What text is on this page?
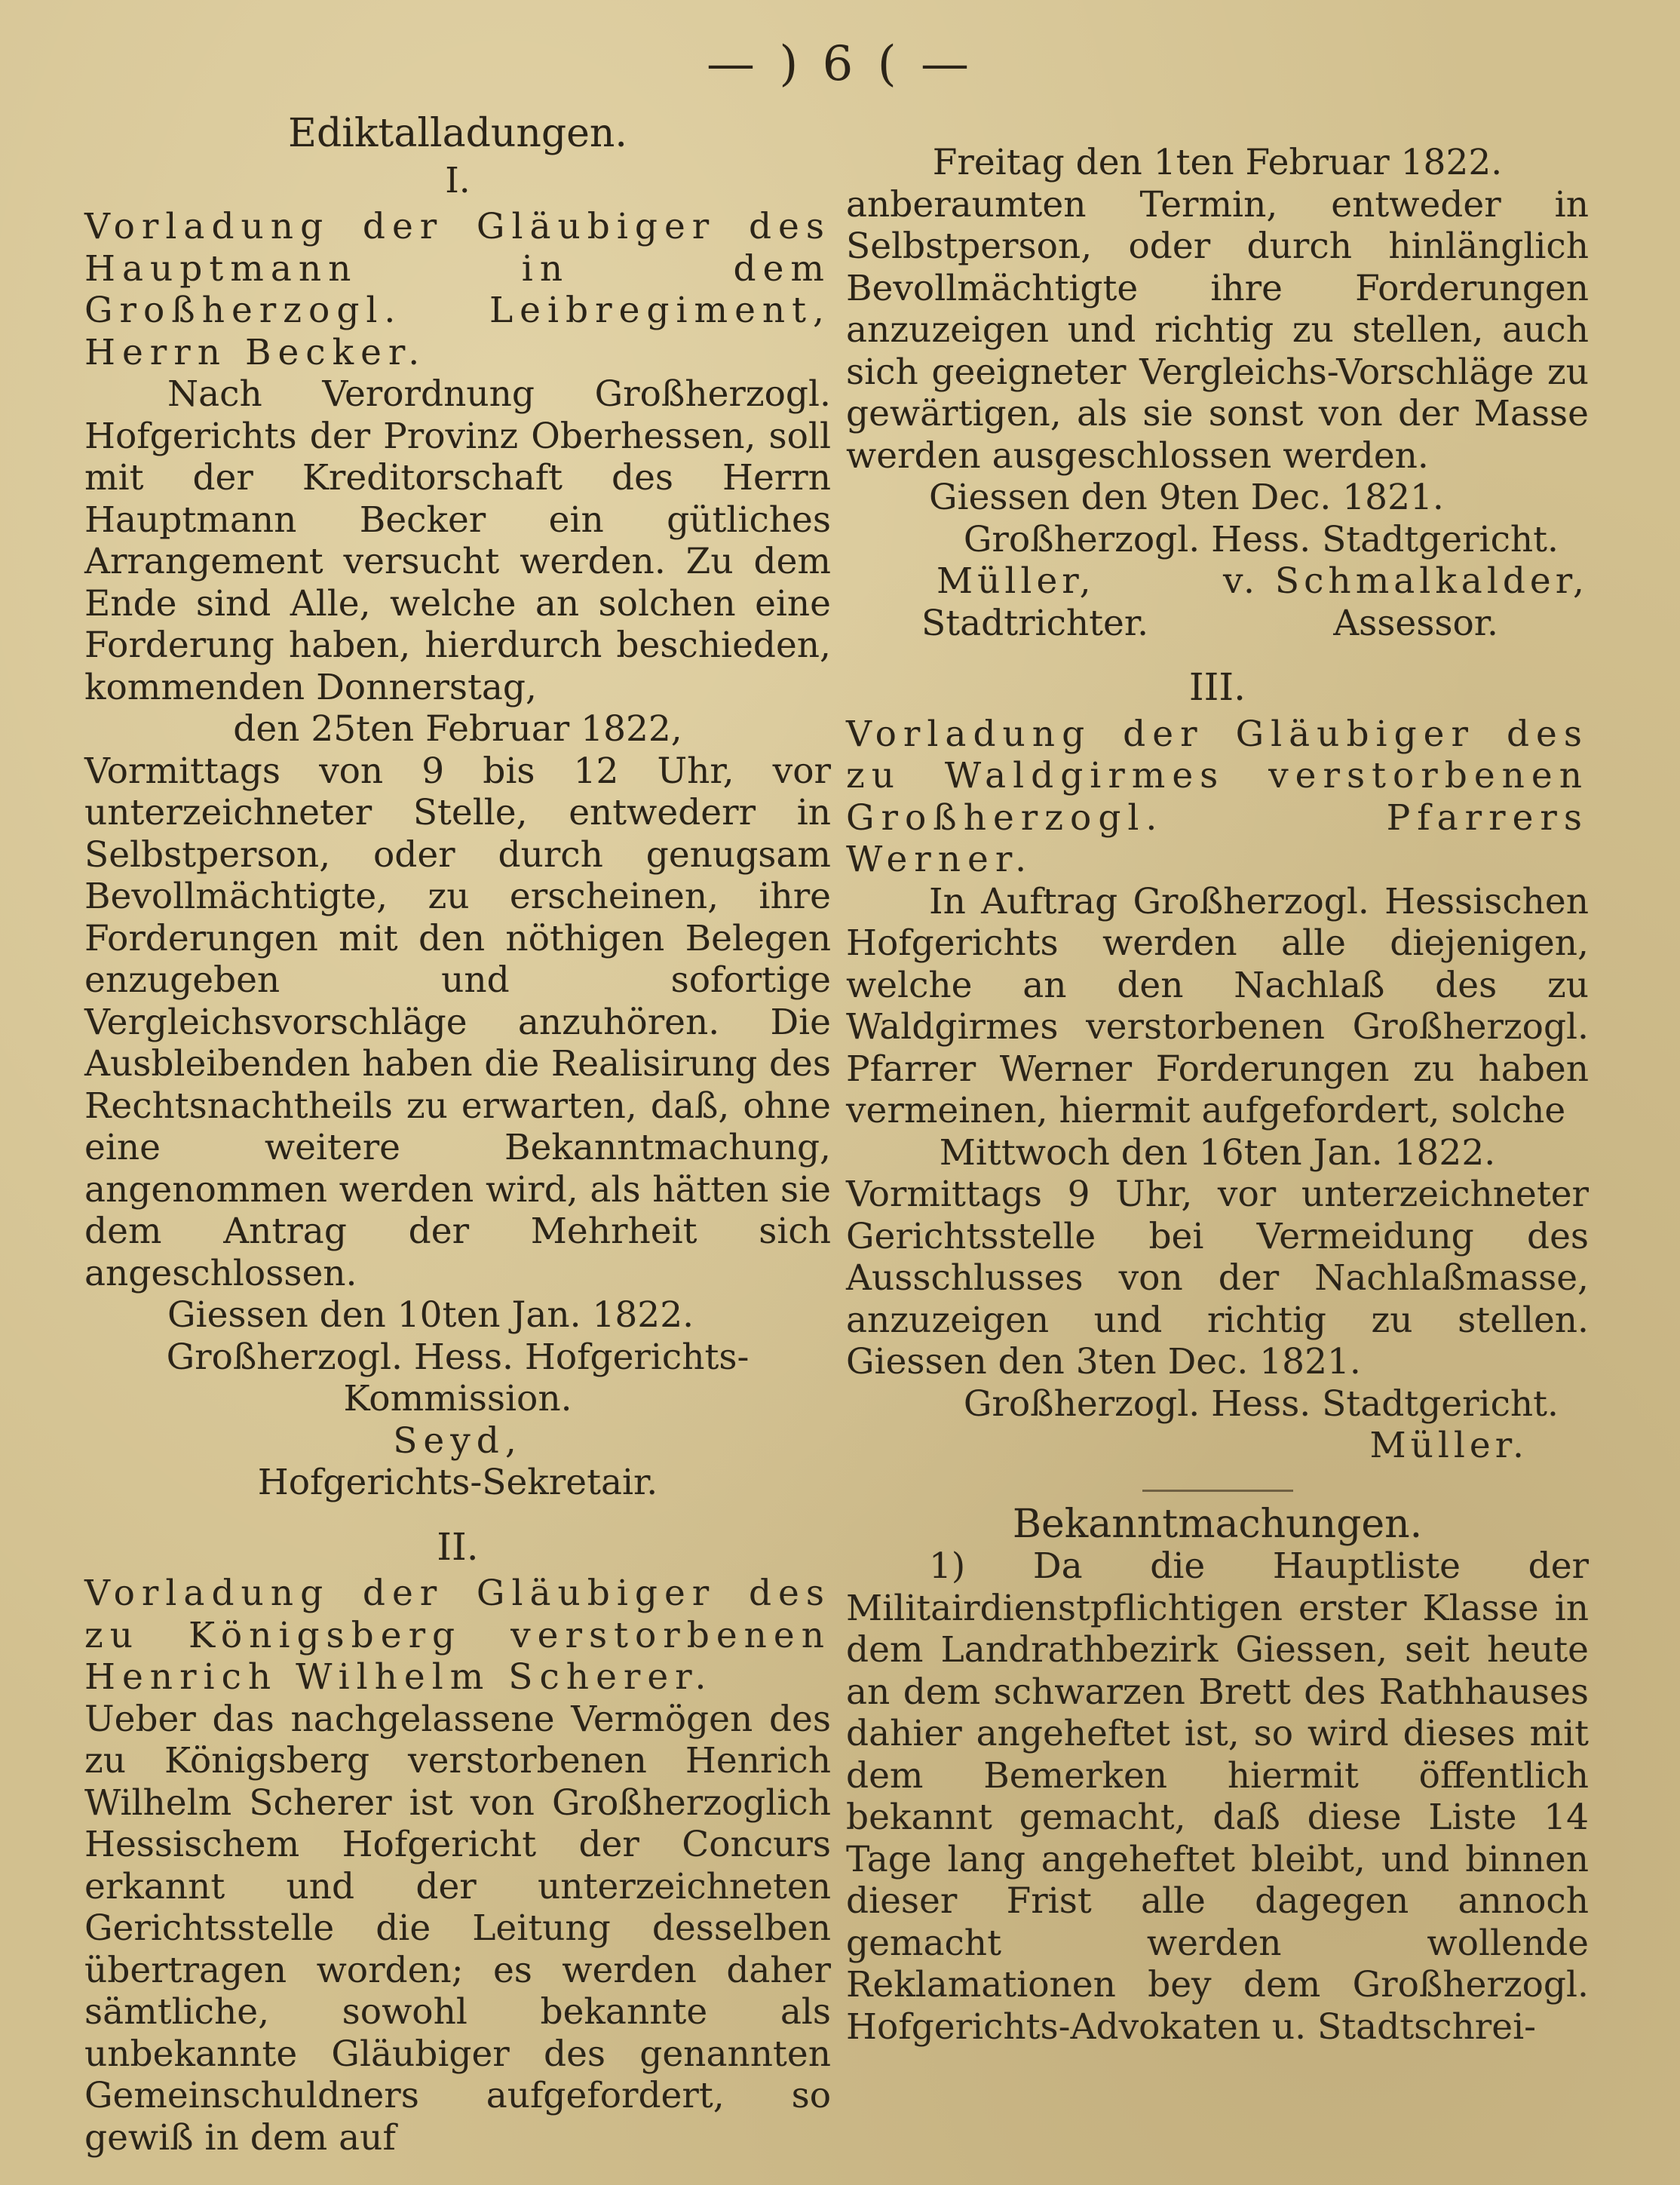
— ) 6 ( —

Ediktalladungen.

I.

Vorladung der Gläubiger des Hauptmann in dem Großherzogl. Leibregiment, Herrn Becker.

Nach Verordnung Großherzogl. Hofgerichts der Provinz Oberhessen, soll mit der Kreditorschaft des Herrn Hauptmann Becker ein gütliches Arrangement versucht werden. Zu dem Ende sind Alle, welche an solchen eine Forderung haben, hierdurch beschieden, kommenden Donnerstag,

den 25ten Februar 1822,

Vormittags von 9 bis 12 Uhr, vor unterzeichneter Stelle, entwederr in Selbstperson, oder durch genugsam Bevollmächtigte, zu erscheinen, ihre Forderungen mit den nöthigen Belegen enzugeben und sofortige Vergleichsvorschläge anzuhören. Die Ausbleibenden haben die Realisirung des Rechtsnachtheils zu erwarten, daß, ohne eine weitere Bekanntmachung, angenommen werden wird, als hätten sie dem Antrag der Mehrheit sich angeschlossen.

Giessen den 10ten Jan. 1822.

Großherzogl. Hess. Hofgerichts-

Kommission.

Seyd,

Hofgerichts-Sekretair.

II.

Vorladung der Gläubiger des zu Königsberg verstorbenen Henrich Wilhelm Scherer.

Ueber das nachgelassene Vermögen des zu Königsberg verstorbenen Henrich Wilhelm Scherer ist von Großherzoglich Hessischem Hofgericht der Concurs erkannt und der unterzeichneten Gerichtsstelle die Leitung desselben übertragen worden; es werden daher sämtliche, sowohl bekannte als unbekannte Gläubiger des genannten Gemeinschuldners aufgefordert, so gewiß in dem auf

Freitag den 1ten Februar 1822.

anberaumten Termin, entweder in Selbstperson, oder durch hinlänglich Bevollmächtigte ihre Forderungen anzuzeigen und richtig zu stellen, auch sich geeigneter Vergleichs-Vorschläge zu gewärtigen, als sie sonst von der Masse werden ausgeschlossen werden.

Giessen den 9ten Dec. 1821.

Großherzogl. Hess. Stadtgericht.

Müller,	v. Schmalkalder,
Stadtrichter.	Assessor.

III.

Vorladung der Gläubiger des zu Waldgirmes verstorbenen Großherzogl. Pfarrers Werner.

In Auftrag Großherzogl. Hessischen Hofgerichts werden alle diejenigen, welche an den Nachlaß des zu Waldgirmes verstorbenen Großherzogl. Pfarrer Werner Forderungen zu haben vermeinen, hiermit aufgefordert, solche

Mittwoch den 16ten Jan. 1822.

Vormittags 9 Uhr, vor unterzeichneter Gerichtsstelle bei Vermeidung des Ausschlusses von der Nachlaßmasse, anzuzeigen und richtig zu stellen. Giessen den 3ten Dec. 1821.

Großherzogl. Hess. Stadtgericht.

Müller.

Bekanntmachungen.

1) Da die Hauptliste der Militairdienstpflichtigen erster Klasse in dem Landrathbezirk Giessen, seit heute an dem schwarzen Brett des Rathhauses dahier angeheftet ist, so wird dieses mit dem Bemerken hiermit öffentlich bekannt gemacht, daß diese Liste 14 Tage lang angeheftet bleibt, und binnen dieser Frist alle dagegen annoch gemacht werden wollende Reklamationen bey dem Großherzogl. Hofgerichts-Advokaten u. Stadtschrei-
